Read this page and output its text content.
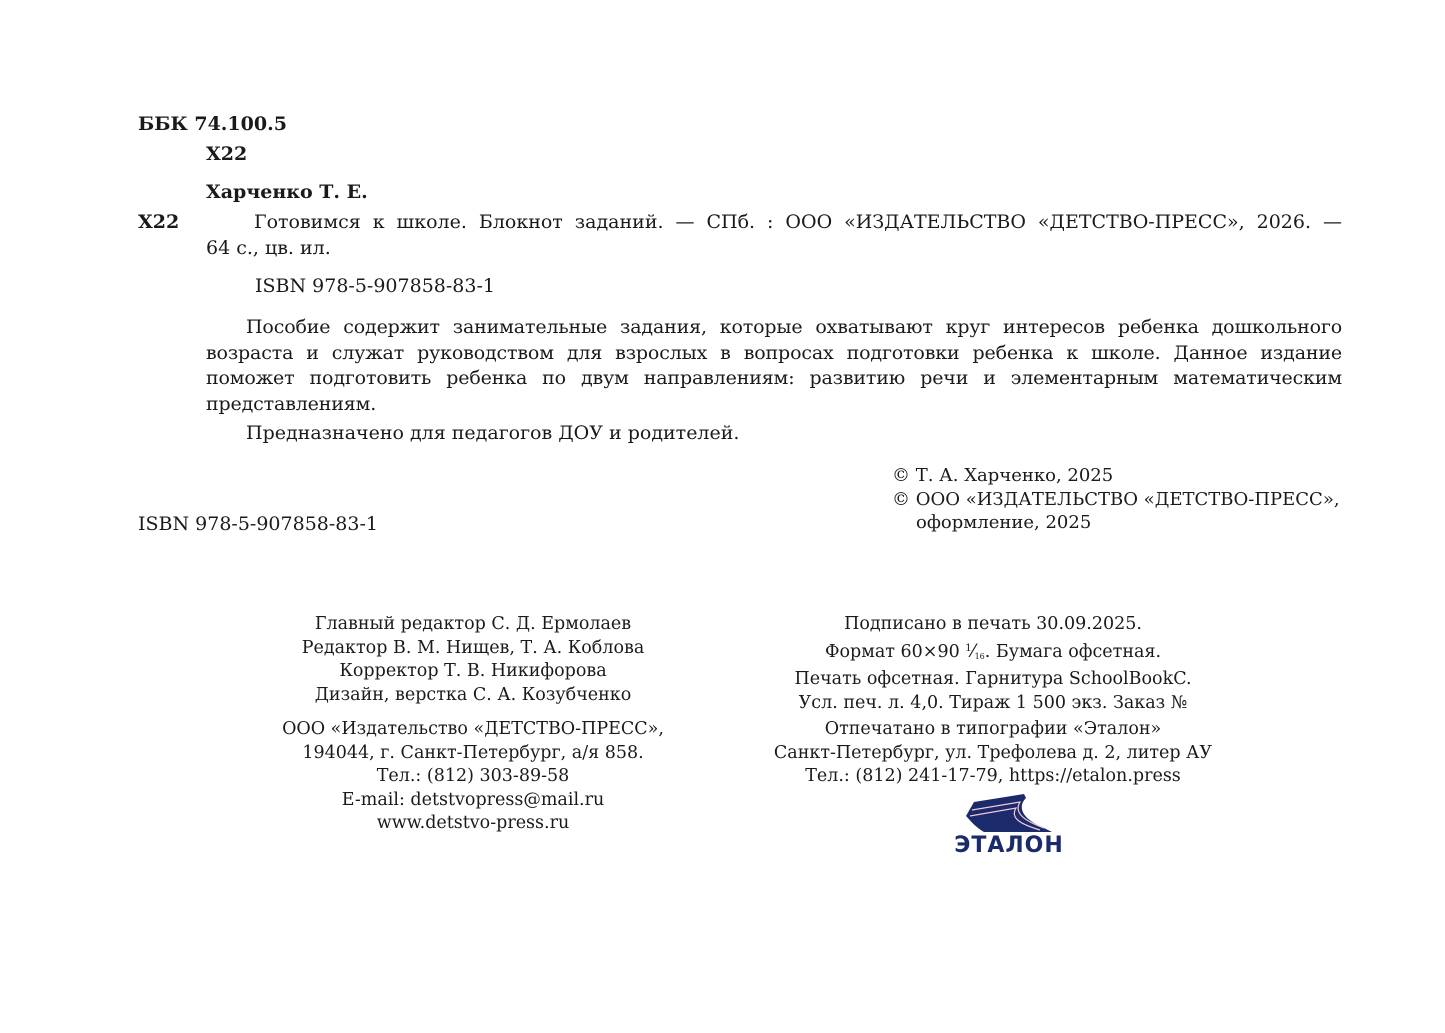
ББК 74.100.5
Х22
Харченко Т. Е.
Х22	Готовимся к школе. Блокнот заданий. — СПб. : ООО «ИЗДАТЕЛЬСТВО «ДЕТСТВО-ПРЕСС», 2026. —
64 с., цв. ил.
ISBN 978-5-907858-83-1

Пособие содержит занимательные задания, которые охватывают круг интересов ребенка дошкольного возраста и служат руководством для взрослых в вопросах подготовки ребенка к школе. Данное издание поможет подготовить ребенка по двум направлениям: развитию речи и элементарным математическим представлениям.

Предназначено для педагогов ДОУ и родителей.
© Т. А. Харченко, 2025
© ООО «ИЗДАТЕЛЬСТВО «ДЕТСТВО-ПРЕСС»,
оформление, 2025
ISBN 978-5-907858-83-1
Главный редактор С. Д. Ермолаев
Редактор В. М. Нищев, Т. А. Коблова
Корректор Т. В. Никифорова
Дизайн, верстка С. А. Козубченко
ООО «Издательство «ДЕТСТВО-ПРЕСС»,
194044, г. Санкт-Петербург, а/я 858.
Тел.: (812) 303-89-58
E-mail: detstvopress@mail.ru
www.detstvo-press.ru
Подписано в печать 30.09.2025.
Формат 60×90 $^1⁄_{16}$. Бумага офсетная.
Печать офсетная. Гарнитура SchoolBookC.
Усл. печ. л. 4,0. Тираж 1 500 экз. Заказ №
Отпечатано в типографии «Эталон»
Санкт-Петербург, ул. Трефолева д. 2, литер АУ
Тел.: (812) 241-17-79, https://etalon.press
ЭТАЛОН
